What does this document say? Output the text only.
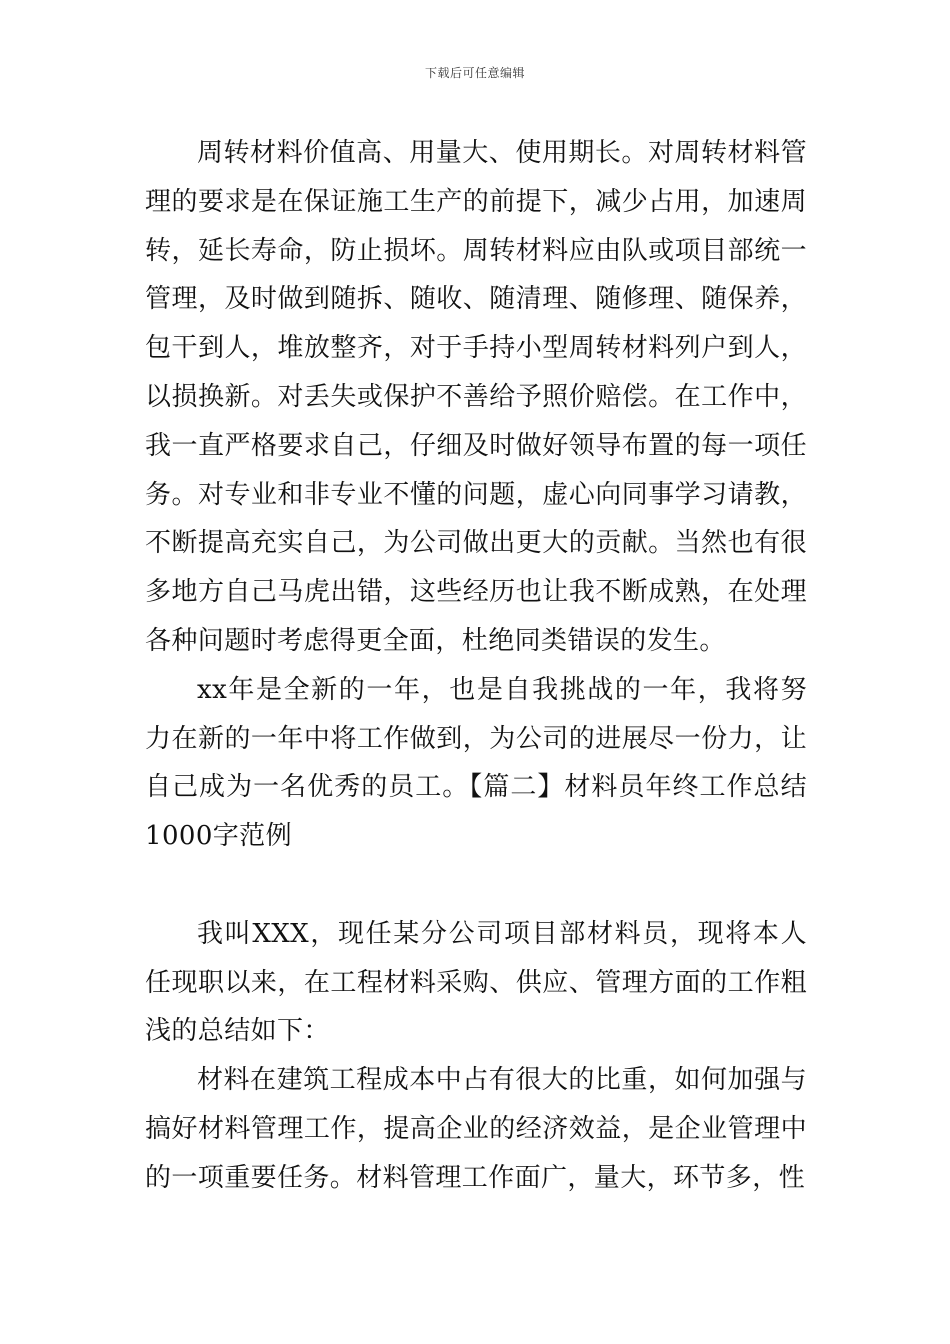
下载后可任意编辑

周转材料价值高、用量大、使用期长。对周转材料管理的要求是在保证施工生产的前提下，减少占用，加速周转，延长寿命，防止损坏。周转材料应由队或项目部统一管理，及时做到随拆、随收、随清理、随修理、随保养，包干到人，堆放整齐，对于手持小型周转材料列户到人，以损换新。对丢失或保护不善给予照价赔偿。在工作中，我一直严格要求自己，仔细及时做好领导布置的每一项任务。对专业和非专业不懂的问题，虚心向同事学习请教，不断提高充实自己，为公司做出更大的贡献。当然也有很多地方自己马虎出错，这些经历也让我不断成熟，在处理各种问题时考虑得更全面，杜绝同类错误的发生。

xx年是全新的一年，也是自我挑战的一年，我将努力在新的一年中将工作做到，为公司的进展尽一份力，让自己成为一名优秀的员工。【篇二】材料员年终工作总结1000字范例

我叫XXX，现任某分公司项目部材料员，现将本人任现职以来，在工程材料采购、供应、管理方面的工作粗浅的总结如下：

材料在建筑工程成本中占有很大的比重，如何加强与搞好材料管理工作，提高企业的经济效益，是企业管理中的一项重要任务。材料管理工作面广，量大，环节多，性
